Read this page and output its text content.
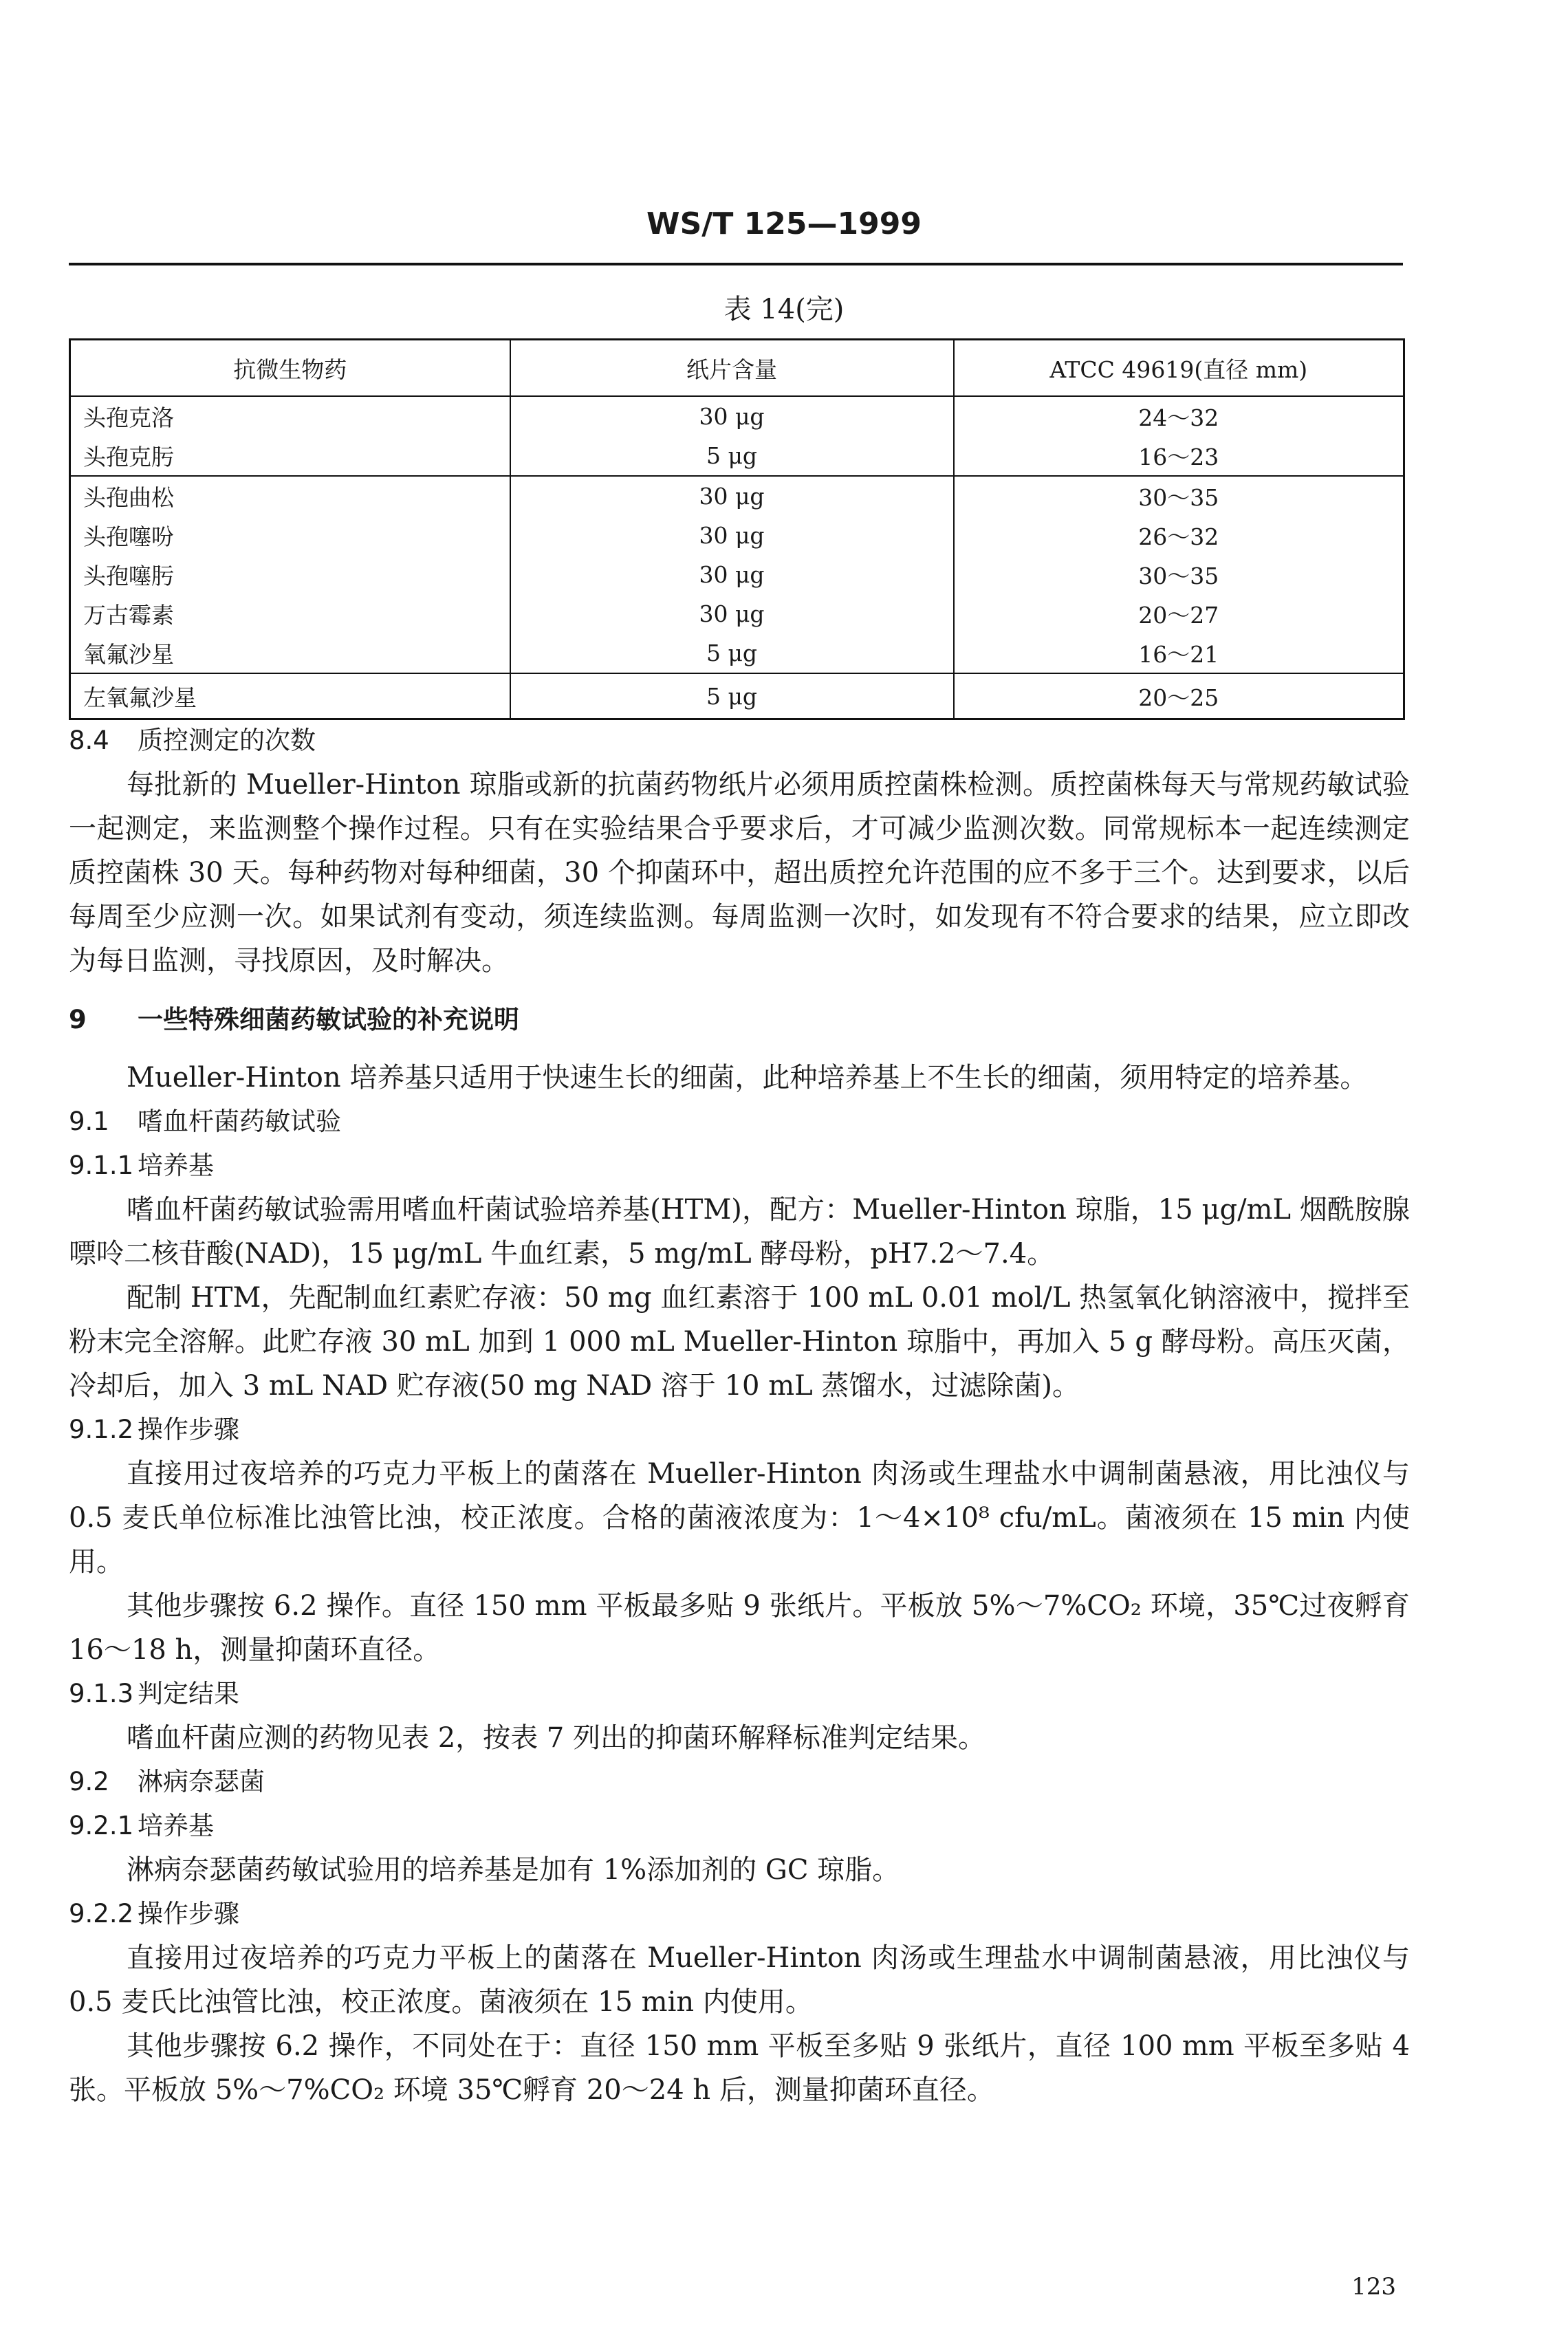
WS/T 125—1999
表 14(完)
抗微生物药	纸片含量	ATCC 49619(直径 mm)
头孢克洛	30 μg	24～32
头孢克肟	5 μg	16～23
头孢曲松	30 μg	30～35
头孢噻吩	30 μg	26～32
头孢噻肟	30 μg	30～35
万古霉素	30 μg	20～27
氧氟沙星	5 μg	16～21
左氧氟沙星	5 μg	20～25
8.4 质控测定的次数

每批新的 Mueller-Hinton 琼脂或新的抗菌药物纸片必须用质控菌株检测。质控菌株每天与常规药敏试验一起测定，来监测整个操作过程。只有在实验结果合乎要求后，才可减少监测次数。同常规标本一起连续测定质控菌株 30 天。每种药物对每种细菌，30 个抑菌环中，超出质控允许范围的应不多于三个。达到要求，以后每周至少应测一次。如果试剂有变动，须连续监测。每周监测一次时，如发现有不符合要求的结果，应立即改为每日监测，寻找原因，及时解决。

9 一些特殊细菌药敏试验的补充说明

Mueller-Hinton 培养基只适用于快速生长的细菌，此种培养基上不生长的细菌，须用特定的培养基。

9.1 嗜血杆菌药敏试验
9.1.1 培养基

嗜血杆菌药敏试验需用嗜血杆菌试验培养基(HTM)，配方：Mueller-Hinton 琼脂，15 μg/mL 烟酰胺腺嘌呤二核苷酸(NAD)，15 μg/mL 牛血红素，5 mg/mL 酵母粉，pH7.2～7.4。

配制 HTM，先配制血红素贮存液：50 mg 血红素溶于 100 mL 0.01 mol/L 热氢氧化钠溶液中，搅拌至粉末完全溶解。此贮存液 30 mL 加到 1 000 mL Mueller-Hinton 琼脂中，再加入 5 g 酵母粉。高压灭菌，冷却后，加入 3 mL NAD 贮存液(50 mg NAD 溶于 10 mL 蒸馏水，过滤除菌)。

9.1.2 操作步骤

直接用过夜培养的巧克力平板上的菌落在 Mueller-Hinton 肉汤或生理盐水中调制菌悬液，用比浊仪与 0.5 麦氏单位标准比浊管比浊，校正浓度。合格的菌液浓度为：1～4×10⁸ cfu/mL。菌液须在 15 min 内使用。

其他步骤按 6.2 操作。直径 150 mm 平板最多贴 9 张纸片。平板放 5%～7%CO₂ 环境，35℃过夜孵育 16～18 h，测量抑菌环直径。

9.1.3 判定结果

嗜血杆菌应测的药物见表 2，按表 7 列出的抑菌环解释标准判定结果。

9.2 淋病奈瑟菌
9.2.1 培养基

淋病奈瑟菌药敏试验用的培养基是加有 1%添加剂的 GC 琼脂。

9.2.2 操作步骤

直接用过夜培养的巧克力平板上的菌落在 Mueller-Hinton 肉汤或生理盐水中调制菌悬液，用比浊仪与 0.5 麦氏比浊管比浊，校正浓度。菌液须在 15 min 内使用。

其他步骤按 6.2 操作，不同处在于：直径 150 mm 平板至多贴 9 张纸片，直径 100 mm 平板至多贴 4 张。平板放 5%～7%CO₂ 环境 35℃孵育 20～24 h 后，测量抑菌环直径。

123
